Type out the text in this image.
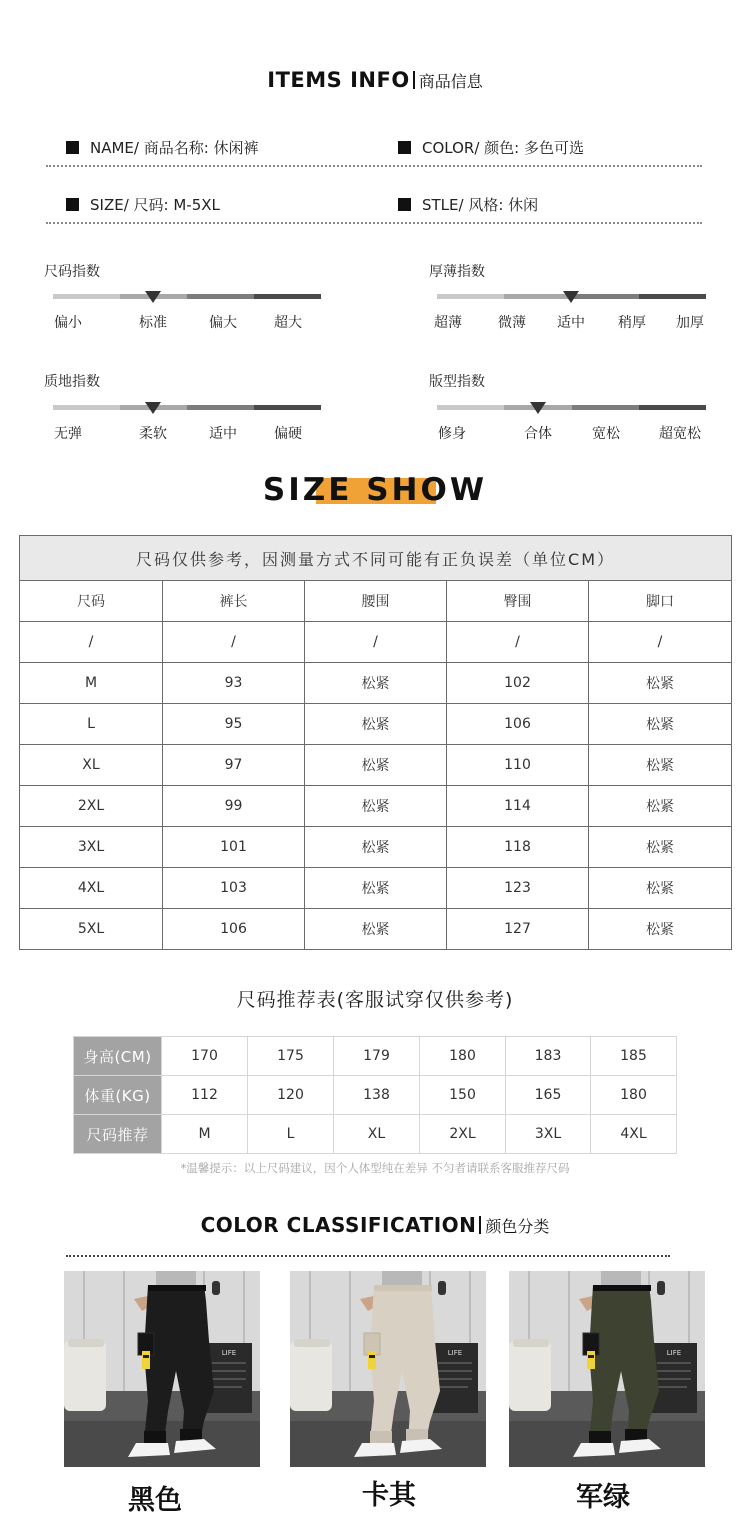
ITEMS INFO 商品信息
NAME/ 商品名称: 休闲裤	COLOR/ 颜色: 多色可选
SIZE/ 尺码: M-5XL	STLE/ 风格: 休闲
尺码指数
偏小	标准	偏大	超大
厚薄指数
超薄	微薄 适中 稍厚 加厚
质地指数
无弹	柔软	适中	偏硬
版型指数
修身	合体	宽松	超宽松
SIZE SHOW
尺码仅供参考，因测量方式不同可能有正负误差（单位CM）				
尺码	裤长	腰围	臀围	脚口
/	/	/	/	/
M	93	松紧	102	松紧
L	95	松紧	106	松紧
XL	97	松紧	110	松紧
2XL	99	松紧	114	松紧
3XL	101	松紧	118	松紧
4XL	103	松紧	123	松紧
5XL	106	松紧	127	松紧
尺码推荐表(客服试穿仅供参考)
身高(CM)	170	175	179	180	183	185
体重(KG)	112	120	138	150	165	180
尺码推荐	M	L	XL	2XL	3XL	4XL
*温馨提示：以上尺码建议，因个人体型纯在差异 不匀者请联系客服推荐尺码
COLOR CLASSIFICATION 颜色分类
LIFE
黑色
LIFE
卡其
LIFE
军绿
